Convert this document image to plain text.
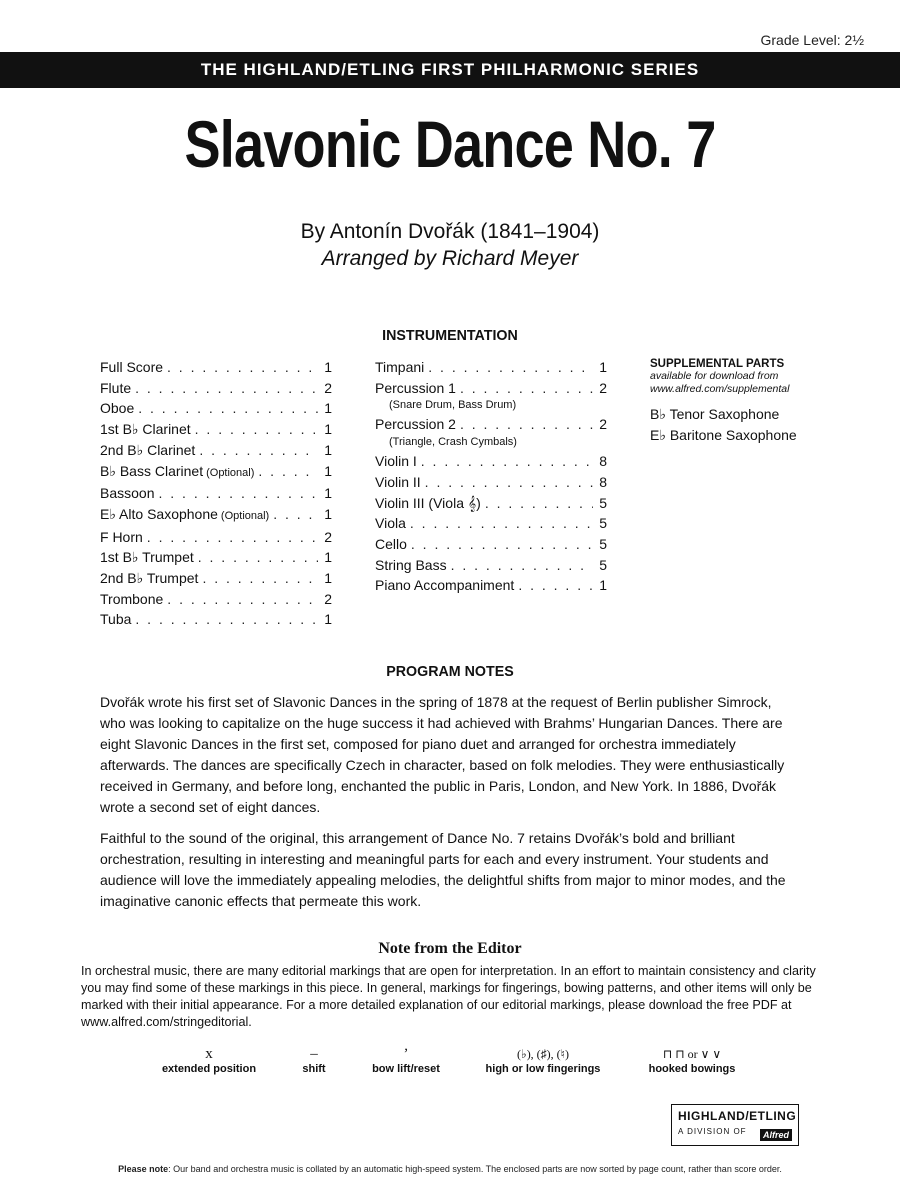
Grade Level: 2½
THE HIGHLAND/ETLING FIRST PHILHARMONIC SERIES
Slavonic Dance No. 7
By Antonín Dvořák (1841–1904)
Arranged by Richard Meyer
INSTRUMENTATION
Full Score . . .	1
Flute . . .	2
Oboe . . .	1
1st B♭ Clarinet . . .	1
2nd B♭ Clarinet . . .	1
B♭ Bass Clarinet (Optional) . . .	1
Bassoon . . .	1
E♭ Alto Saxophone (Optional) . . .	1
F Horn . . .	2
1st B♭ Trumpet . . .	1
2nd B♭ Trumpet . . .	1
Trombone . . .	2
Tuba . . .	1
Timpani . . .	1
Percussion 1 . . .	2
(Snare Drum, Bass Drum)
Percussion 2 . . .	2
(Triangle, Crash Cymbals)
Violin I . . .	8
Violin II . . .	8
Violin III (Viola 𝄞) . . .	5
Viola . . .	5
Cello . . .	5
String Bass . . .	5
Piano Accompaniment . . .	1
SUPPLEMENTAL PARTS
available for download from
www.alfred.com/supplemental
B♭ Tenor Saxophone
E♭ Baritone Saxophone
PROGRAM NOTES

Dvořák wrote his first set of Slavonic Dances in the spring of 1878 at the request of Berlin publisher Simrock, who was looking to capitalize on the huge success it had achieved with Brahms’ Hungarian Dances. There are eight Slavonic Dances in the first set, composed for piano duet and arranged for orchestra immediately afterwards. The dances are specifically Czech in character, based on folk melodies. They were enthusiastically received in Germany, and before long, enchanted the public in Paris, London, and New York. In 1886, Dvořák wrote a second set of eight dances.

Faithful to the sound of the original, this arrangement of Dance No. 7 retains Dvořák’s bold and brilliant orchestration, resulting in interesting and meaningful parts for each and every instrument. Your students and audience will love the immediately appealing melodies, the delightful shifts from major to minor modes, and the imaginative canonic effects that permeate this work.

Note from the Editor
In orchestral music, there are many editorial markings that are open for interpretation. In an effort to maintain consistency and clarity you may find some of these markings in this piece. In general, markings for fingerings, bowing patterns, and other items will only be marked with their initial appearance. For a more detailed explanation of our editorial markings, please download the free PDF at www.alfred.com/stringeditorial.
x
extended position
–
shift
’
bow lift/reset
(♭), (♯), (♮)
high or low fingerings
⊓ ⊓ or ∨ ∨
hooked bowings
HIGHLAND/ETLING
A DIVISION OF	Alfred
Please note: Our band and orchestra music is collated by an automatic high-speed system. The enclosed parts are now sorted by page count, rather than score order.
